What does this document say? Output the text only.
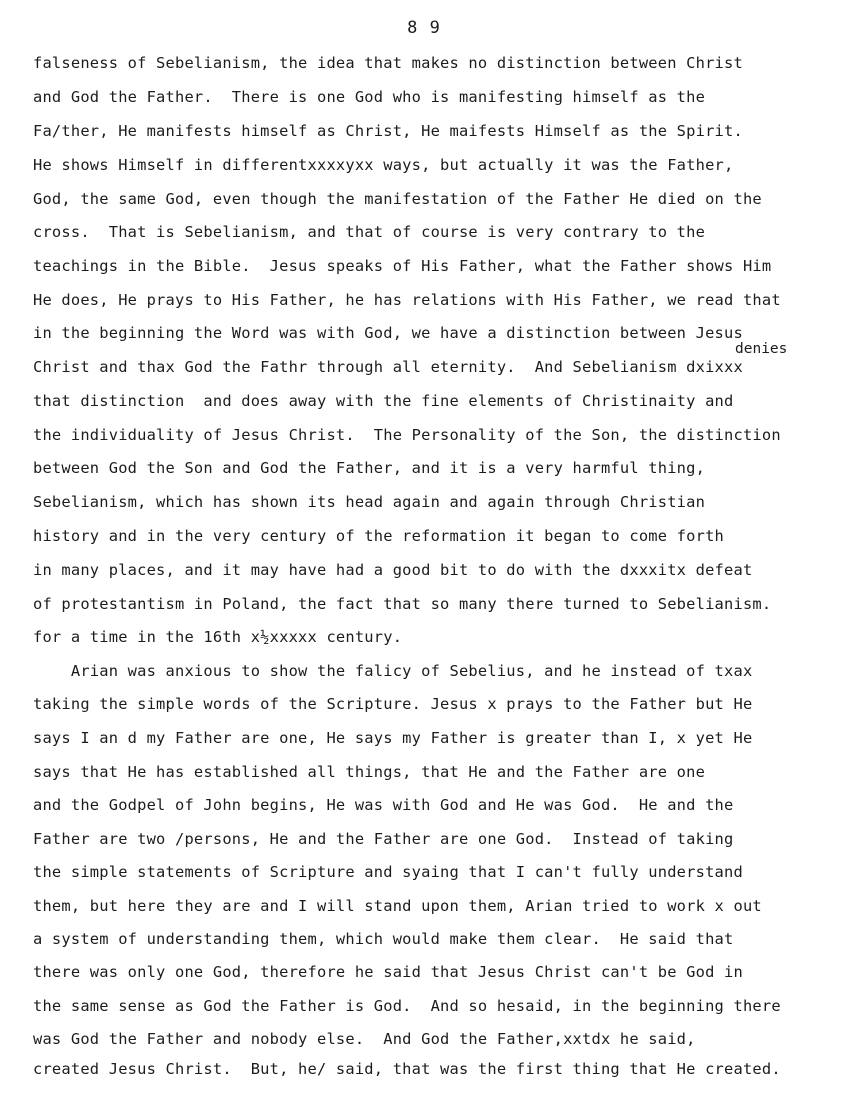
8 9
denies
falseness of Sebelianism, the idea that makes no distinction between Christ
and God the Father.  There is one God who is manifesting himself as the
Fa/ther, He manifests himself as Christ, He maifests Himself as the Spirit.
He shows Himself in differentxxxxyxx ways, but actually it was the Father,
God, the same God, even though the manifestation of the Father He died on the
cross.  That is Sebelianism, and that of course is very contrary to the
teachings in the Bible.  Jesus speaks of His Father, what the Father shows Him
He does, He prays to His Father, he has relations with His Father, we read that
in the beginning the Word was with God, we have a distinction between Jesus
Christ and thax God the Fathr through all eternity.  And Sebelianism dxixxx
that distinction  and does away with the fine elements of Christinaity and
the individuality of Jesus Christ.  The Personality of the Son, the distinction
between God the Son and God the Father, and it is a very harmful thing,
Sebelianism, which has shown its head again and again through Christian
history and in the very century of the reformation it began to come forth
in many places, and it may have had a good bit to do with the dxxxitx defeat
of protestantism in Poland, the fact that so many there turned to Sebelianism.
for a time in the 16th x½xxxxx century.
Arian was anxious to show the falicy of Sebelius, and he instead of txax
taking the simple words of the Scripture. Jesus x prays to the Father but He
says I an d my Father are one, He says my Father is greater than I, x yet He
says that He has established all things, that He and the Father are one
and the Godpel of John begins, He was with God and He was God.  He and the
Father are two /persons, He and the Father are one God.  Instead of taking
the simple statements of Scripture and syaing that I can't fully understand
them, but here they are and I will stand upon them, Arian tried to work x out
a system of understanding them, which would make them clear.  He said that
there was only one God, therefore he said that Jesus Christ can't be God in
the same sense as God the Father is God.  And so hesaid, in the beginning there
was God the Father and nobody else.  And God the Father,xxtdx he said,
created Jesus Christ.  But, he/ said, that was the first thing that He created.
